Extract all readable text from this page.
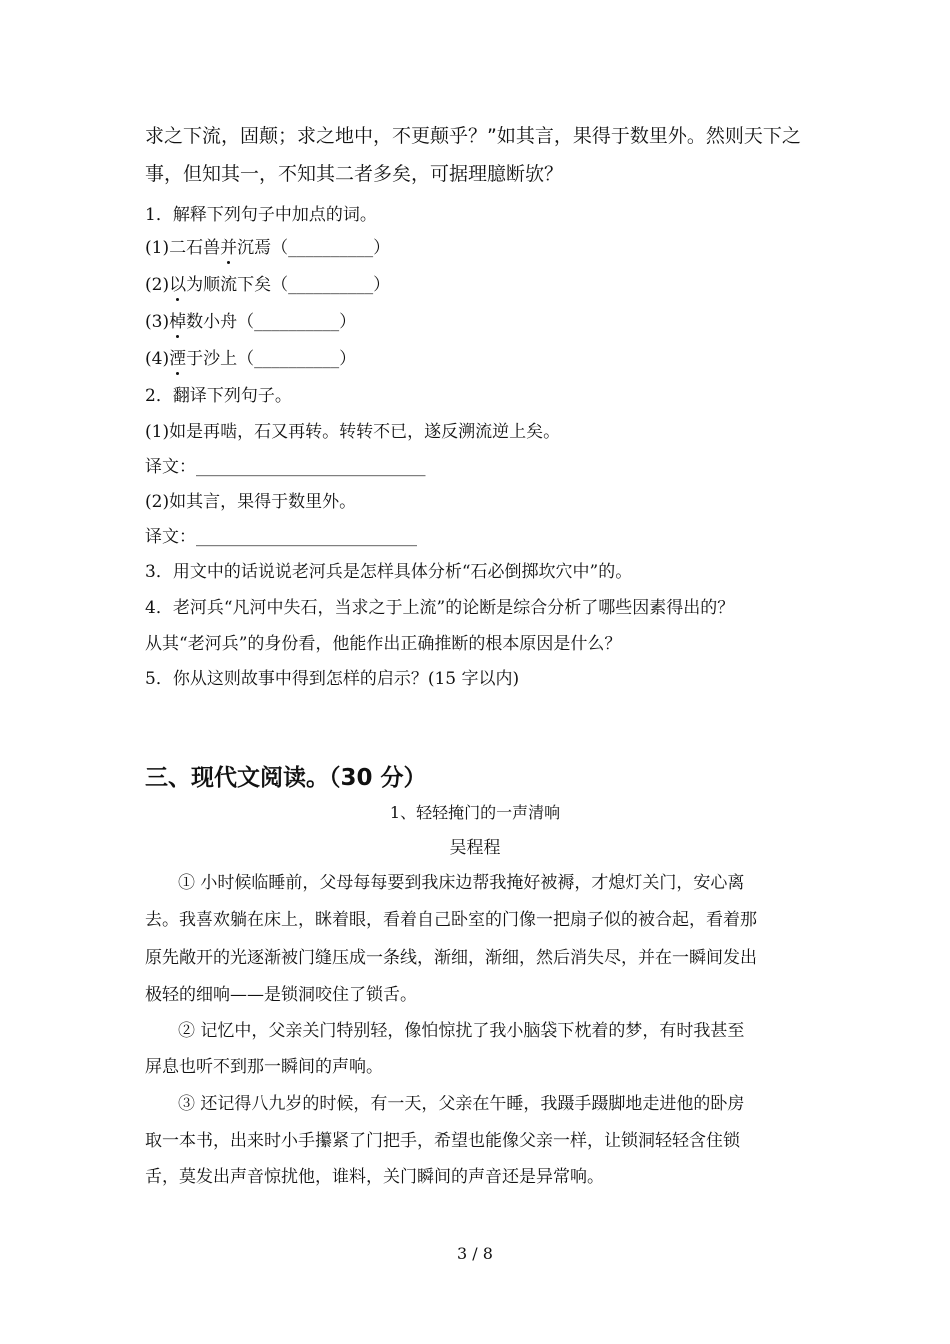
求之下流，固颠；求之地中，不更颠乎？”如其言，果得于数里外。然则天下之
事，但知其一，不知其二者多矣，可据理臆断欤？
1．解释下列句子中加点的词。
(1)二石兽并沉焉（__________）
(2)以为顺流下矣（__________）
(3)棹数小舟（__________）
(4)湮于沙上（__________）
2．翻译下列句子。
(1)如是再啮，石又再转。转转不已，遂反溯流逆上矣。
译文：___________________________
(2)如其言，果得于数里外。
译文：__________________________
3．用文中的话说说老河兵是怎样具体分析“石必倒掷坎穴中”的。
4．老河兵“凡河中失石，当求之于上流”的论断是综合分析了哪些因素得出的？
从其“老河兵”的身份看，他能作出正确推断的根本原因是什么？
5．你从这则故事中得到怎样的启示？(15 字以内)
三、现代文阅读。（30 分）
1、轻轻掩门的一声清响
吴程程
① 小时候临睡前，父母每每要到我床边帮我掩好被褥，才熄灯关门，安心离
去。我喜欢躺在床上，眯着眼，看着自己卧室的门像一把扇子似的被合起，看着那
原先敞开的光逐渐被门缝压成一条线，渐细，渐细，然后消失尽，并在一瞬间发出
极轻的细响——是锁洞咬住了锁舌。
② 记忆中，父亲关门特别轻，像怕惊扰了我小脑袋下枕着的梦，有时我甚至
屏息也听不到那一瞬间的声响。
③ 还记得八九岁的时候，有一天，父亲在午睡，我蹑手蹑脚地走进他的卧房
取一本书，出来时小手攥紧了门把手，希望也能像父亲一样，让锁洞轻轻含住锁
舌，莫发出声音惊扰他，谁料，关门瞬间的声音还是异常响。
3 / 8
